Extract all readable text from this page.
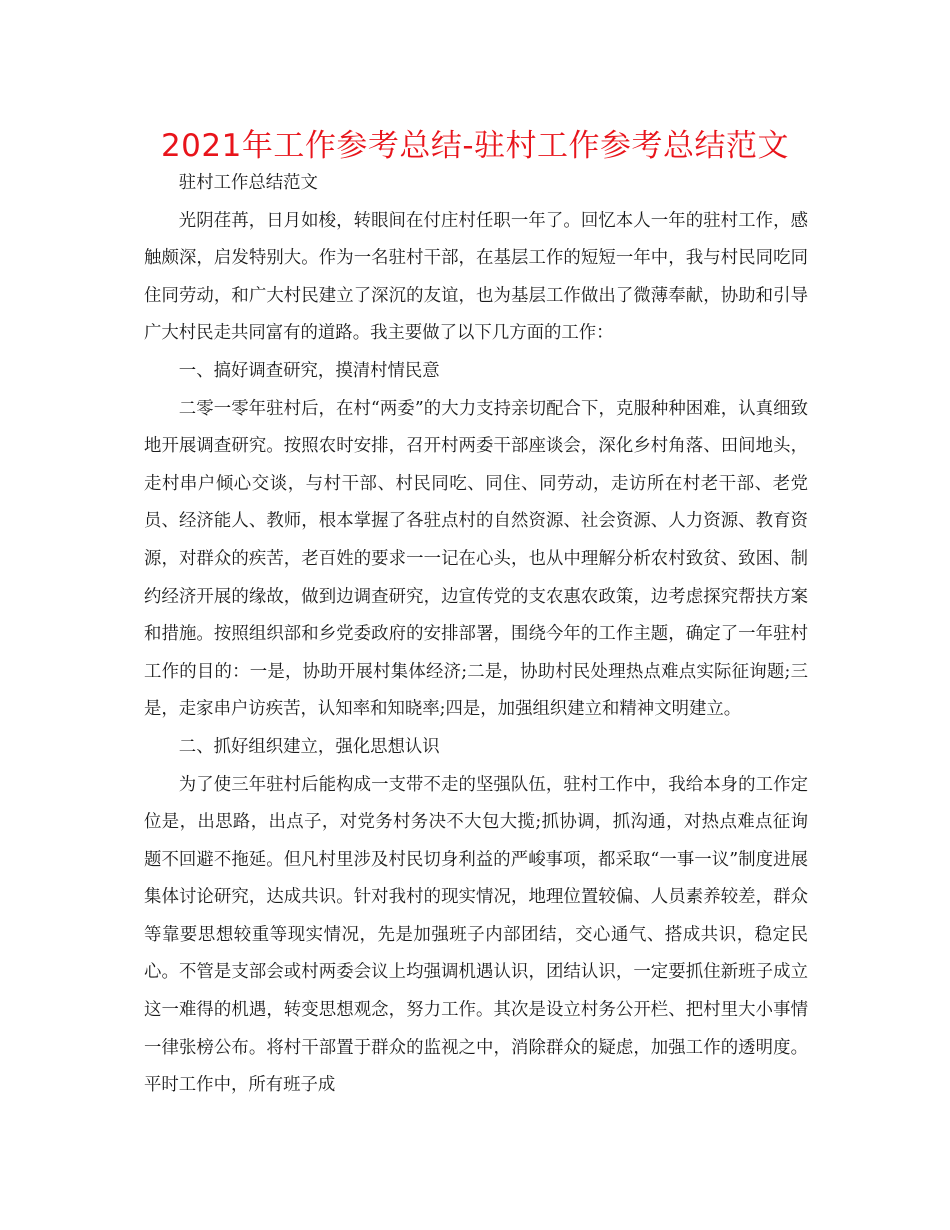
2021年工作参考总结-驻村工作参考总结范文

驻村工作总结范文

光阴荏苒，日月如梭，转眼间在付庄村任职一年了。回忆本人一年的驻村工作，感触颇深，启发特别大。作为一名驻村干部，在基层工作的短短一年中，我与村民同吃同住同劳动，和广大村民建立了深沉的友谊，也为基层工作做出了微薄奉献，协助和引导广大村民走共同富有的道路。我主要做了以下几方面的工作：

一、搞好调查研究，摸清村情民意

二零一零年驻村后，在村“两委”的大力支持亲切配合下，克服种种困难，认真细致地开展调查研究。按照农时安排，召开村两委干部座谈会，深化乡村角落、田间地头，走村串户倾心交谈，与村干部、村民同吃、同住、同劳动，走访所在村老干部、老党员、经济能人、教师，根本掌握了各驻点村的自然资源、社会资源、人力资源、教育资源，对群众的疾苦，老百姓的要求一一记在心头，也从中理解分析农村致贫、致困、制约经济开展的缘故，做到边调查研究，边宣传党的支农惠农政策，边考虑探究帮扶方案和措施。按照组织部和乡党委政府的安排部署，围绕今年的工作主题，确定了一年驻村工作的目的：一是，协助开展村集体经济;二是，协助村民处理热点难点实际征询题;三是，走家串户访疾苦，认知率和知晓率;四是，加强组织建立和精神文明建立。

二、抓好组织建立，强化思想认识

为了使三年驻村后能构成一支带不走的坚强队伍，驻村工作中，我给本身的工作定位是，出思路，出点子，对党务村务决不大包大揽;抓协调，抓沟通，对热点难点征询题不回避不拖延。但凡村里涉及村民切身利益的严峻事项，都采取“一事一议”制度进展集体讨论研究，达成共识。针对我村的现实情况，地理位置较偏、人员素养较差，群众等靠要思想较重等现实情况，先是加强班子内部团结，交心通气、搭成共识，稳定民心。不管是支部会或村两委会议上均强调机遇认识，团结认识，一定要抓住新班子成立这一难得的机遇，转变思想观念，努力工作。其次是设立村务公开栏、把村里大小事情一律张榜公布。将村干部置于群众的监视之中，消除群众的疑虑，加强工作的透明度。平时工作中，所有班子成
